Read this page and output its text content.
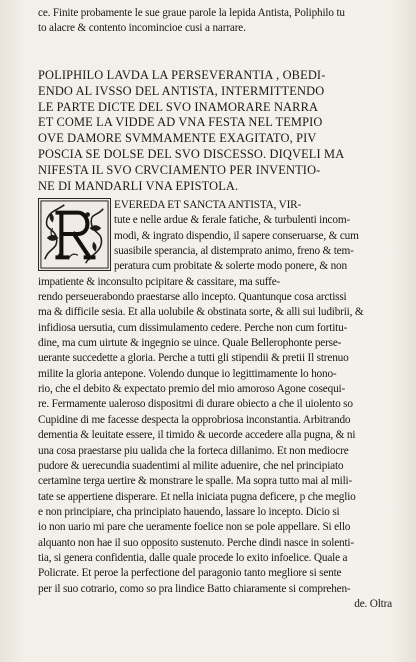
ce. Finite probamente le sue graue parole la lepida Antista, Poliphilo tu
to alacre & contento incomincioe cusi a narrare.
POLIPHILO LAVDA LA PERSEVERANTIA , OBEDI-
ENDO AL IVSSO DEL ANTISTA, INTERMITTENDO
LE PARTE DICTE DEL SVO INAMORARE NARRA
ET COME LA VIDDE AD VNA FESTA NEL TEMPIO
OVE DAMORE SVMMAMENTE EXAGITATO, PIV
POSCIA SE DOLSE DEL SVO DISCESSO. DIQVELI MA
NIFESTA IL SVO CRVCIAMENTO PER INVENTIO-
NE DI MANDARLI VNA EPISTOLA.
EVEREDA ET SANCTA ANTISTA, VIR-
tute e nelle ardue & ferale fatiche, & turbulenti incom-
modi, & ingrato dispendio, il sapere conseruarse, & cum
suasibile sperancia, al distemprato animo, freno & tem-
peratura cum probitate & solerte modo ponere, & non
impatiente & inconsulto pcipitare & cassitare, ma suffe-
rendo perseuerabondo praestarse allo incepto. Quantunque cosa arctissi
ma & difficile sesia. Et alla uolubile & obstinata sorte, & alli sui ludibrii, &
infidiosa uersutia, cum dissimulamento cedere. Perche non cum fortitu-
dine, ma cum uirtute & ingegnio se uince. Quale Bellerophonte perse-
uerante succedette a gloria. Perche a tutti gli stipendii & pretii Il strenuo
milite la gloria antepone. Volendo dunque io legittimamente lo hono-
rio, che el debito & expectato premio del mio amoroso Agone cosequi-
re. Fermamente ualeroso dispositmi di durare obiecto a che il uiolento so
Cupidine di me facesse despecta la opprobriosa inconstantia. Arbitrando
dementia & leuitate essere, il timido & uecorde accedere alla pugna, & ni
una cosa praestarse piu ualida che la forteca dillanimo. Et non mediocre
pudore & uerecundia suadentimi al milite aduenire, che nel principiato
certamine terga uertire & monstrare le spalle. Ma sopra tutto mai al mili-
tate se appertiene disperare. Et nella iniciata pugna deficere, p che meglio
e non principiare, cha principiato hauendo, lassare lo incepto. Dicio si
io non uario mi pare che ueramente foelice non se pole appellare. Si ello
alquanto non hae il suo opposito sustenuto. Perche dindi nasce in solenti-
tia, si genera confidentia, dalle quale procede lo exito infoelice. Quale a
Policrate. Et peroe la perfectione del paragonio tanto megliore si sente
per il suo cotrario, como so pra lindice Batto chiaramente si comprehen-
de. Oltra
